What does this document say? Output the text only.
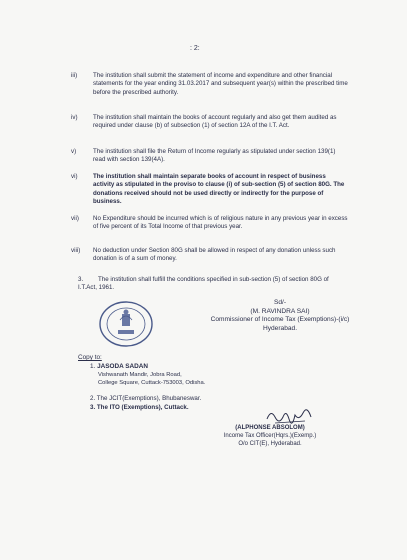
: 2:
iii)	The institution shall submit the statement of income and expenditure and other financial statements for the year ending 31.03.2017 and subsequent year(s) within the prescribed time before the prescribed authority.
iv) The institution shall maintain the books of account regularly and also get them audited as required under clause (b) of subsection (1) of section 12A of the I.T. Act.
v)	The institution shall file the Return of Income regularly as stipulated under section 139(1) read with section 139(4A).
vi) The institution shall maintain separate books of account in respect of business activity as stipulated in the proviso to clause (i) of sub-section (5) of section 80G. The donations received should not be used directly or indirectly for the purpose of business.
vii) No Expenditure should be incurred which is of religious nature in any previous year in excess of five percent of its Total Income of that previous year.
viii) No deduction under Section 80G shall be allowed in respect of any donation unless such donation is of a sum of money.
3. The institution shall fulfill the conditions specified in sub-section (5) of section 80G of I.T.Act, 1961.
Sd/-
(M. RAVINDRA SAI)
Commissioner of Income Tax (Exemptions)-(i/c)
Hyderabad.
Copy to:
1. JASODA SADAN
Vishwanath Mandir, Jobra Road,
College Square, Cuttack-753003, Odisha.
2. The JCIT(Exemptions), Bhubaneswar.
3. The ITO (Exemptions), Cuttack.
(ALPHONSE ABSOLOM)
Income Tax Officer(Hqrs.)(Exemp.)
O/o CIT(E), Hyderabad.
